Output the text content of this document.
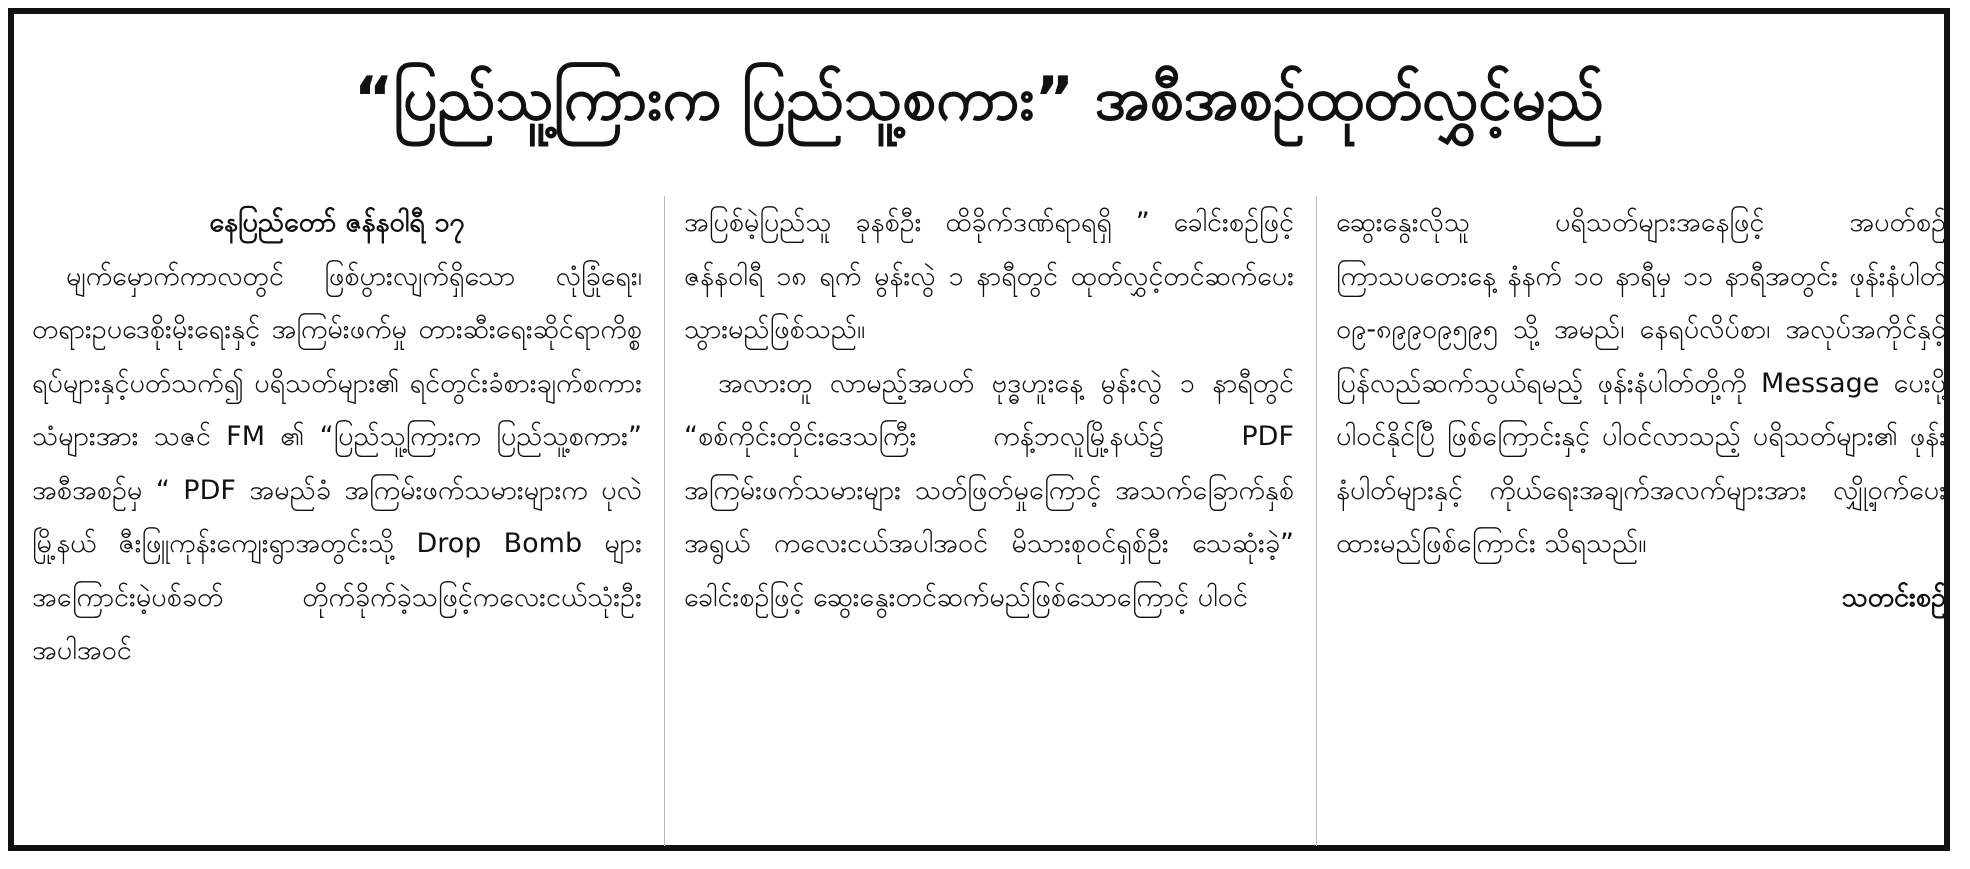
“ပြည်သူ့ကြားက ပြည်သူ့စကား” အစီအစဉ်ထုတ်လွှင့်မည်

နေပြည်တော် ဇန်နဝါရီ ၁၇

မျက်မှောက်ကာလတွင် ဖြစ်ပွားလျက်ရှိသော လုံခြုံရေး၊ တရားဥပဒေစိုးမိုးရေးနှင့် အကြမ်းဖက်မှု တားဆီးရေးဆိုင်ရာကိစ္စရပ်များနှင့်ပတ်သက်၍ ပရိသတ်များ၏ ရင်တွင်းခံစားချက်စကားသံများအား သဇင် FM ၏ “ပြည်သူ့ကြားက ပြည်သူ့စကား” အစီအစဉ်မှ “ PDF အမည်ခံ အကြမ်းဖက်သမားများက ပုလဲမြို့နယ် ဇီးဖြူကုန်းကျေးရွာအတွင်းသို့ Drop Bomb များ အကြောင်းမဲ့ပစ်ခတ် တိုက်ခိုက်ခဲ့သဖြင့်ကလေးငယ်သုံးဦးအပါအဝင်

အပြစ်မဲ့ပြည်သူ ခုနစ်ဦး ထိခိုက်ဒဏ်ရာရရှိ ” ခေါင်းစဉ်ဖြင့် ဇန်နဝါရီ ၁၈ ရက် မွန်းလွဲ ၁ နာရီတွင် ထုတ်လွှင့်တင်ဆက်ပေးသွားမည်ဖြစ်သည်။

အလားတူ လာမည့်အပတ် ဗုဒ္ဓဟူးနေ့ မွန်းလွဲ ၁ နာရီတွင် “စစ်ကိုင်းတိုင်းဒေသကြီး ကန့်ဘလူမြို့နယ်၌ PDF အကြမ်းဖက်သမားများ သတ်ဖြတ်မှုကြောင့် အသက်ခြောက်နှစ်အရွယ် ကလေးငယ်အပါအဝင် မိသားစုဝင်ရှစ်ဦး သေဆုံးခဲ့” ခေါင်းစဉ်ဖြင့် ဆွေးနွေးတင်ဆက်မည်ဖြစ်သောကြောင့် ပါဝင်

ဆွေးနွေးလိုသူ ပရိသတ်များအနေဖြင့် အပတ်စဉ် ကြာသပတေးနေ့ နံနက် ၁၀ နာရီမှ ၁၁ နာရီအတွင်း ဖုန်းနံပါတ် ၀၉-၈၉၉၀၉၅၉၅ သို့ အမည်၊ နေရပ်လိပ်စာ၊ အလုပ်အကိုင်နှင့် ပြန်လည်ဆက်သွယ်ရမည့် ဖုန်းနံပါတ်တို့ကို Message ပေးပို့ ပါဝင်နိုင်ပြီ ဖြစ်ကြောင်းနှင့် ပါဝင်လာသည့် ပရိသတ်များ၏ ဖုန်းနံပါတ်များနှင့် ကိုယ်ရေးအချက်အလက်များအား လျှို့ဝှက်ပေးထားမည်ဖြစ်ကြောင်း သိရသည်။

သတင်းစဉ်
